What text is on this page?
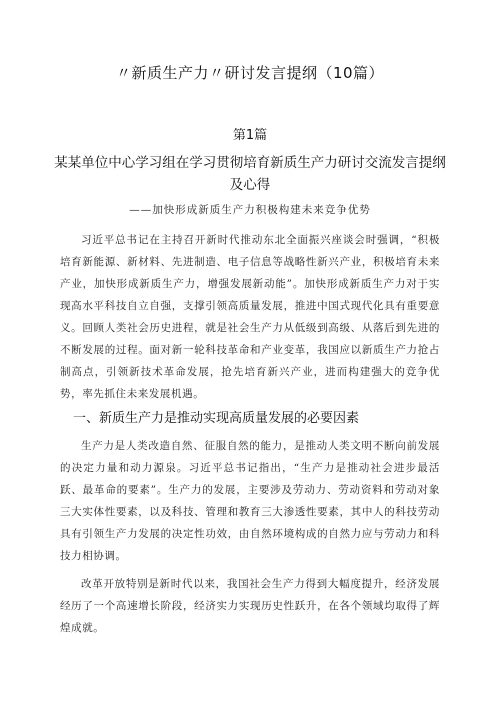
〃新质生产力〃研讨发言提纲（10篇）
第1篇
某某单位中心学习组在学习贯彻培育新质生产力研讨交流发言提纲及心得
——加快形成新质生产力积极构建未来竞争优势

习近平总书记在主持召开新时代推动东北全面振兴座谈会时强调，“积极培育新能源、新材料、先进制造、电子信息等战略性新兴产业，积极培育未来产业，加快形成新质生产力，增强发展新动能”。加快形成新质生产力对于实现高水平科技自立自强，支撑引领高质量发展，推进中国式现代化具有重要意义。回顾人类社会历史进程，就是社会生产力从低级到高级、从落后到先进的不断发展的过程。面对新一轮科技革命和产业变革，我国应以新质生产力抢占制高点，引领新技术革命发展，抢先培育新兴产业，进而构建强大的竞争优势，率先抓住未来发展机遇。

一、新质生产力是推动实现高质量发展的必要因素

生产力是人类改造自然、征服自然的能力，是推动人类文明不断向前发展的决定力量和动力源泉。习近平总书记指出，“生产力是推动社会进步最活跃、最革命的要素”。生产力的发展，主要涉及劳动力、劳动资料和劳动对象三大实体性要素，以及科技、管理和教育三大渗透性要素，其中人的科技劳动具有引领生产力发展的决定性功效，由自然环境构成的自然力应与劳动力和科技力相协调。

改革开放特别是新时代以来，我国社会生产力得到大幅度提升，经济发展经历了一个高速增长阶段，经济实力实现历史性跃升，在各个领域均取得了辉煌成就。
